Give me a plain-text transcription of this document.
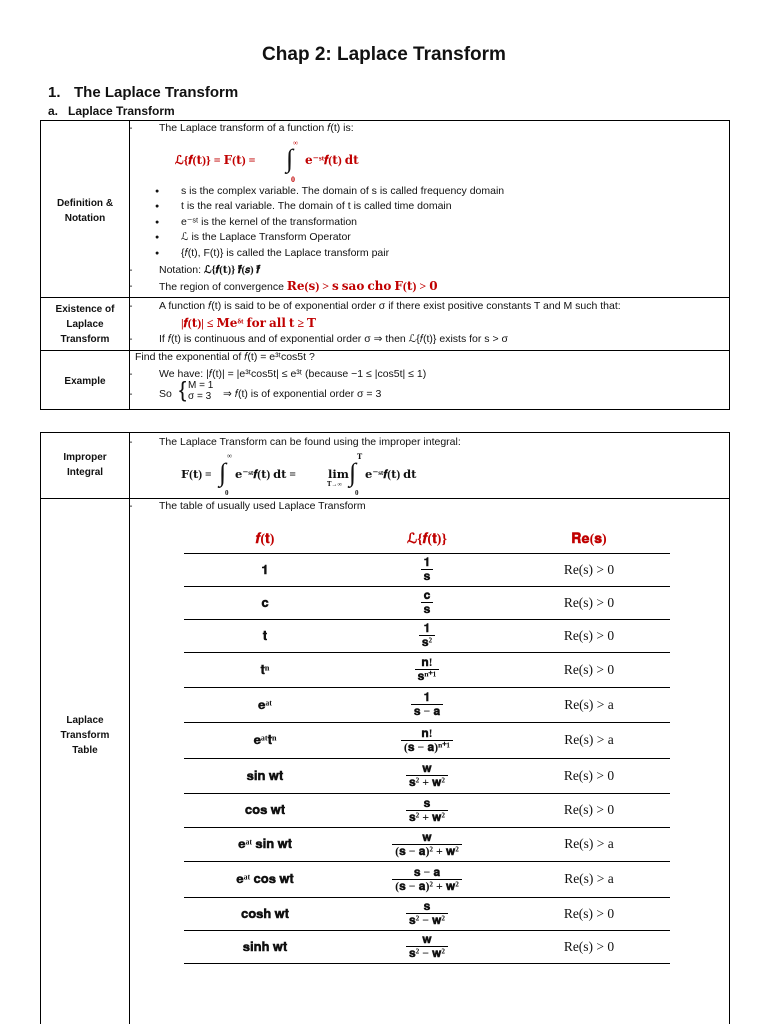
Chap 2: Laplace Transform
1. The Laplace Transform
a. Laplace Transform
Definition & Notation
-	The Laplace transform of a function 𝑓(t) is:
ℒ{𝒇(𝐭)} = 𝐅(𝐭) =
∞
∫
0
𝐞⁻ˢᵗ𝒇(𝐭) 𝐝𝐭
● s is the complex variable. The domain of s is called frequency domain
● t is the real variable. The domain of t is called time domain
● e⁻ˢᵗ is the kernel of the transformation
● ℒ is the Laplace Transform Operator
● {𝑓(t), F(t)} is called the Laplace transform pair
-	Notation: ℒ{𝒇(𝐭)} 𝒇̄(𝑠) 𝒇̄
-	The region of convergence 𝐑𝐞(𝐬) > 𝐬 𝐬𝐚𝐨 𝐜𝐡𝐨 𝐅(𝐭) > 𝟎
Existence of Laplace Transform
-	A function 𝑓(t) is said to be of exponential order σ if there exist positive constants T and M such that:
|𝒇(𝐭)| ≤ 𝐌𝐞ᵟᵗ 𝐟𝐨𝐫 𝐚𝐥𝐥 𝐭 ≥ 𝐓
-	If 𝑓(t) is continuous and of exponential order σ ⇒ then ℒ{𝑓(t)} exists for s > σ
Example
Find the exponential of 𝑓(t) = e³ᵗcos5t ?
-	We have: |𝑓(t)| = |e³ᵗcos5t| ≤ e³ᵗ (because −1 ≤ |cos5t| ≤ 1)
-	So { M = 1
σ = 3 ⇒ 𝑓(t) is of exponential order σ = 3
Improper Integral
-	The Laplace Transform can be found using the improper integral:
𝐅(𝐭) =
∞
∫
0
𝐞⁻ˢᵗ𝒇(𝐭) 𝐝𝐭 =	𝐥𝐢𝐦
𝐓→∞
𝐓
∫
0
𝐞⁻ˢᵗ𝒇(𝐭) 𝐝𝐭
Laplace Transform Table
-	The table of usually used Laplace Transform
𝒇(𝐭)	ℒ{𝒇(𝐭)}	𝐑𝐞(𝐬)
𝟏	$\frac{𝟏}{\text{𝐬}}$	Re(s) > 0
𝐜	$\frac{\text{𝐜}}{\text{𝐬}}$	Re(s) > 0
𝐭	$\frac{𝟏}{\text{𝐬²}}$	Re(s) > 0
𝐭ⁿ	$\frac{\text{𝐧!}}{\text{𝐬ⁿ⁺¹}}$	Re(s) > 0
𝐞ᵃᵗ	$\frac{𝟏}{\text{𝐬 − 𝐚}}$	Re(s) > a
𝐞ᵃᵗ𝐭ⁿ	$\frac{\text{𝐧!}}{\text{(𝐬 − 𝐚)ⁿ⁺¹}}$	Re(s) > a
𝐬𝐢𝐧 𝐰𝐭	$\frac{\text{𝐰}}{\text{𝐬² + 𝐰²}}$	Re(s) > 0
𝐜𝐨𝐬 𝐰𝐭	$\frac{\text{𝐬}}{\text{𝐬² + 𝐰²}}$	Re(s) > 0
𝐞ᵃᵗ 𝐬𝐢𝐧 𝐰𝐭	$\frac{\text{𝐰}}{\text{(𝐬 − 𝐚)² + 𝐰²}}$	Re(s) > a
𝐞ᵃᵗ 𝐜𝐨𝐬 𝐰𝐭	$\frac{\text{𝐬 − 𝐚}}{\text{(𝐬 − 𝐚)² + 𝐰²}}$	Re(s) > a
𝐜𝐨𝐬𝐡 𝐰𝐭	$\frac{\text{𝐬}}{\text{𝐬² − 𝐰²}}$	Re(s) > 0
𝐬𝐢𝐧𝐡 𝐰𝐭	$\frac{\text{𝐰}}{\text{𝐬² − 𝐰²}}$	Re(s) > 0
